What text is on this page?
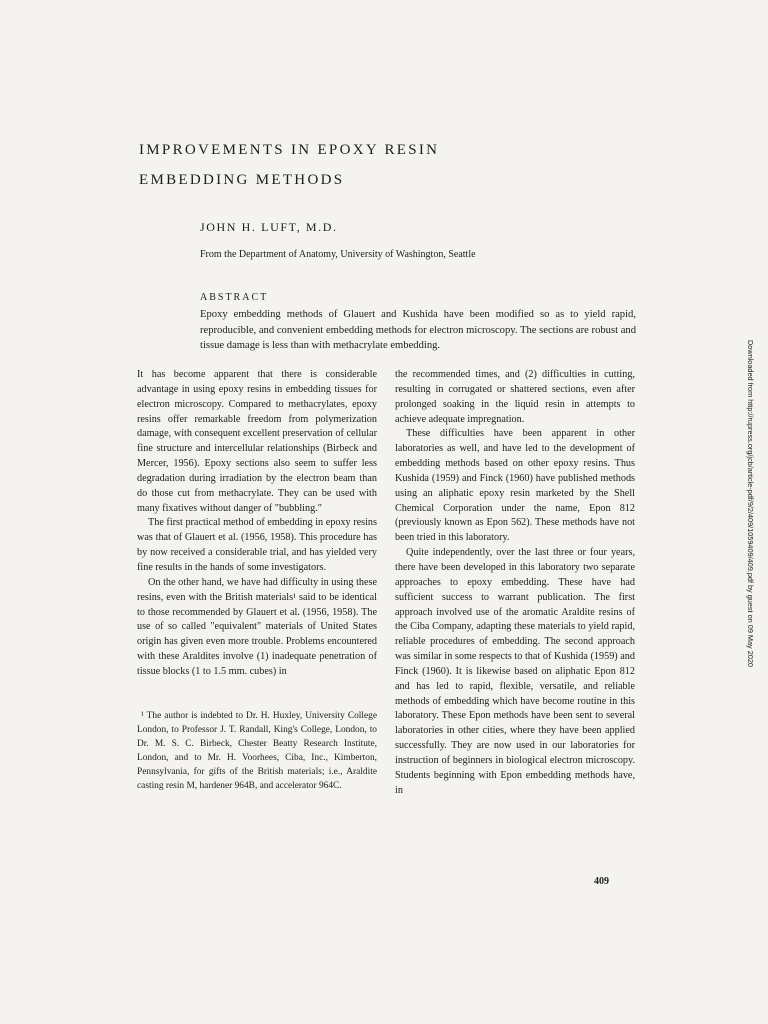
IMPROVEMENTS IN EPOXY RESIN
EMBEDDING METHODS

JOHN H. LUFT, M.D.

From the Department of Anatomy, University of Washington, Seattle

ABSTRACT

Epoxy embedding methods of Glauert and Kushida have been modified so as to yield rapid, reproducible, and convenient embedding methods for electron microscopy. The sections are robust and tissue damage is less than with methacrylate embedding.

It has become apparent that there is considerable advantage in using epoxy resins in embedding tissues for electron microscopy. Compared to methacrylates, epoxy resins offer remarkable freedom from polymerization damage, with consequent excellent preservation of cellular fine structure and intercellular relationships (Birbeck and Mercer, 1956). Epoxy sections also seem to suffer less degradation during irradiation by the electron beam than do those cut from methacrylate. They can be used with many fixatives without danger of "bubbling."

The first practical method of embedding in epoxy resins was that of Glauert et al. (1956, 1958). This procedure has by now received a considerable trial, and has yielded very fine results in the hands of some investigators.

On the other hand, we have had difficulty in using these resins, even with the British materials¹ said to be identical to those recommended by Glauert et al. (1956, 1958). The use of so called "equivalent" materials of United States origin has given even more trouble. Problems encountered with these Araldites involve (1) inadequate penetration of tissue blocks (1 to 1.5 mm. cubes) in

¹ The author is indebted to Dr. H. Huxley, University College London, to Professor J. T. Randall, King's College, London, to Dr. M. S. C. Birbeck, Chester Beatty Research Institute, London, and to Mr. H. Voorhees, Ciba, Inc., Kimberton, Pennsylvania, for gifts of the British materials; i.e., Araldite casting resin M, hardener 964B, and accelerator 964C.

the recommended times, and (2) difficulties in cutting, resulting in corrugated or shattered sections, even after prolonged soaking in the liquid resin in attempts to achieve adequate impregnation.

These difficulties have been apparent in other laboratories as well, and have led to the development of embedding methods based on other epoxy resins. Thus Kushida (1959) and Finck (1960) have published methods using an aliphatic epoxy resin marketed by the Shell Chemical Corporation under the name, Epon 812 (previously known as Epon 562). These methods have not been tried in this laboratory.

Quite independently, over the last three or four years, there have been developed in this laboratory two separate approaches to epoxy embedding. These have had sufficient success to warrant publication. The first approach involved use of the aromatic Araldite resins of the Ciba Company, adapting these materials to yield rapid, reliable procedures of embedding. The second approach was similar in some respects to that of Kushida (1959) and Finck (1960). It is likewise based on aliphatic Epon 812 and has led to rapid, flexible, versatile, and reliable methods of embedding which have become routine in this laboratory. These Epon methods have been sent to several laboratories in other cities, where they have been applied successfully. They are now used in our laboratories for instruction of beginners in biological electron microscopy. Students beginning with Epon embedding methods have, in

409

Downloaded from http://rupress.org/jcb/article-pdf/9/2/409/1059409/409.pdf by guest on 09 May 2020
